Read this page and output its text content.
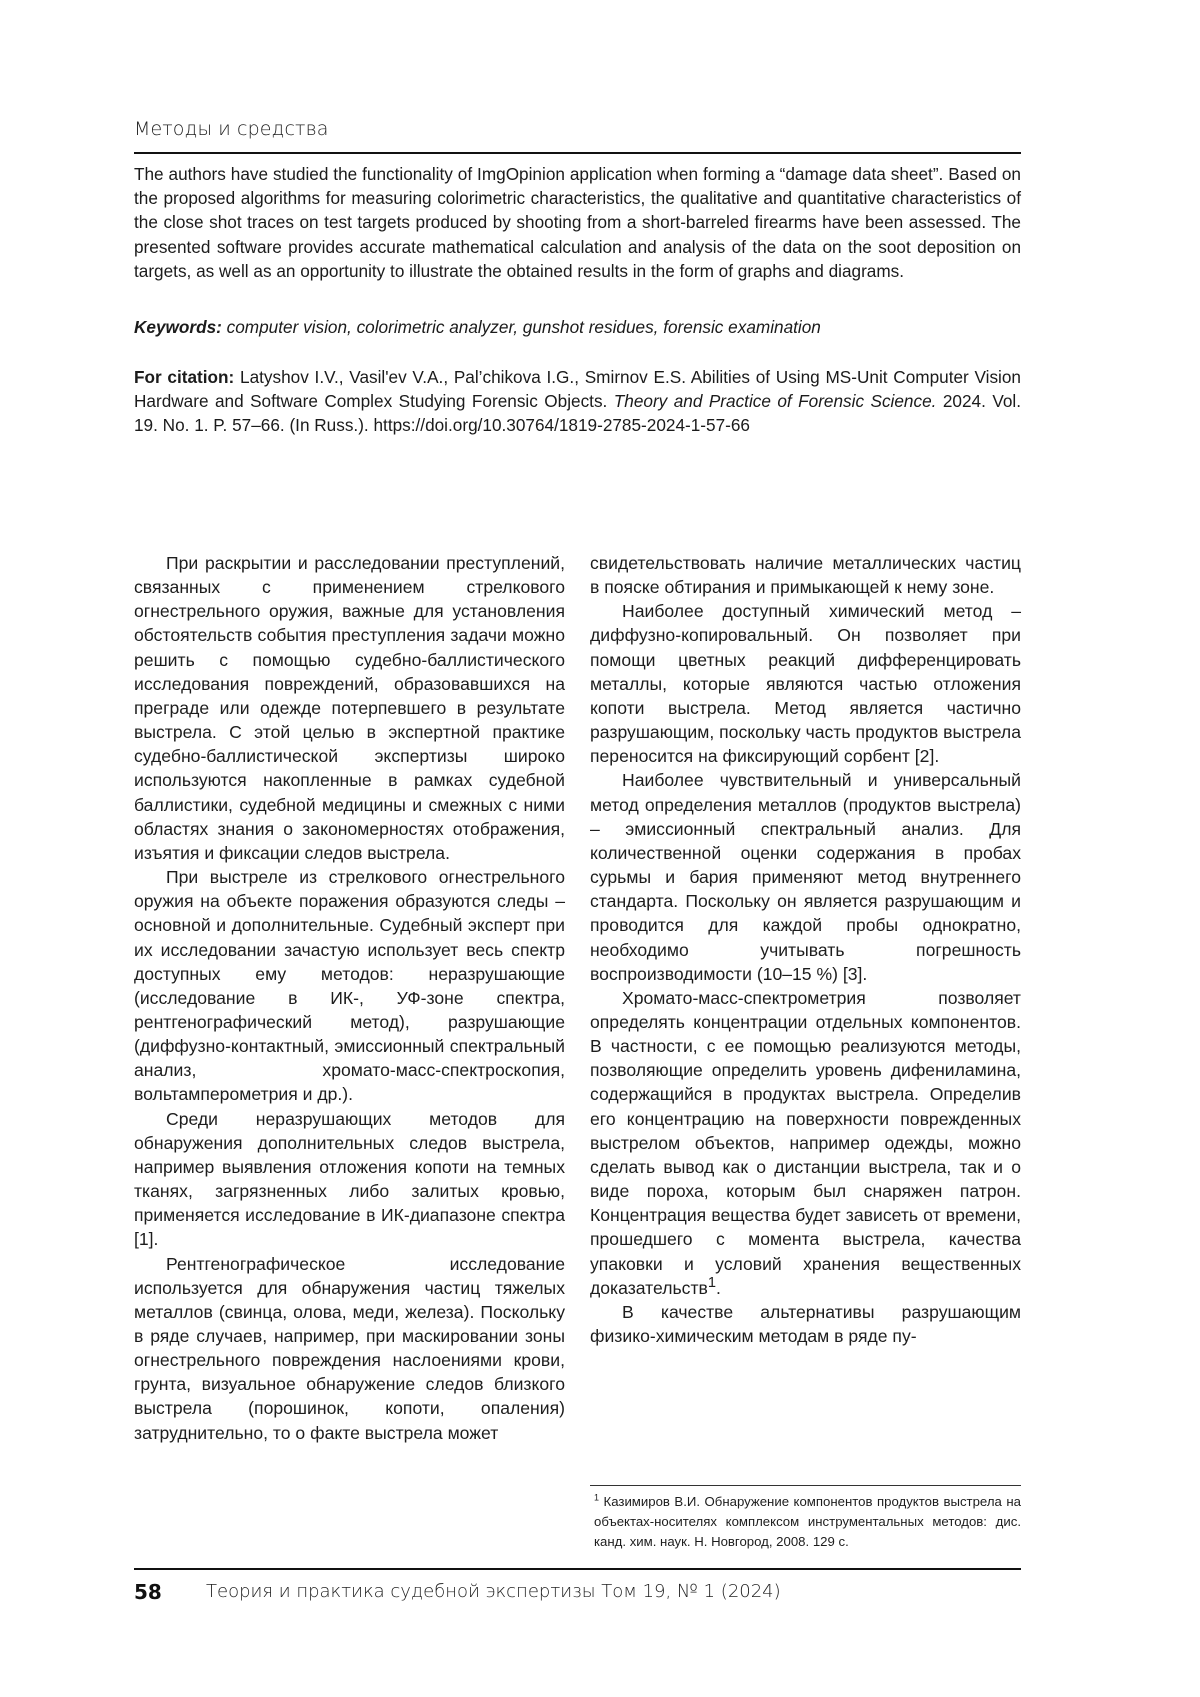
Методы и средства

The authors have studied the functionality of ImgOpinion application when forming a “damage data sheet”. Based on the proposed algorithms for measuring colorimetric characteristics, the qualitative and quantitative characteristics of the close shot traces on test targets produced by shooting from a short-barreled firearms have been assessed. The presented software provides accurate mathematical calculation and analysis of the data on the soot deposition on targets, as well as an opportunity to illustrate the obtained results in the form of graphs and diagrams.

Keywords: computer vision, colorimetric analyzer, gunshot residues, forensic examination

For citation: Latyshov I.V., Vasil'ev V.A., Pal’chikova I.G., Smirnov E.S. Abilities of Using MS-Unit Computer Vision Hardware and Software Complex Studying Forensic Objects. Theory and Practice of Forensic Science. 2024. Vol. 19. No. 1. P. 57–66. (In Russ.). https://doi.org/10.30764/1819-2785-2024-1-57-66

При раскрытии и расследовании преступлений, связанных с применением стрелкового огнестрельного оружия, важные для установления обстоятельств события преступления задачи можно решить с помощью судебно-баллистического исследования повреждений, образовавшихся на преграде или одежде потерпевшего в результате выстрела. С этой целью в экспертной практике судебно-баллистической экспертизы широко используются накопленные в рамках судебной баллистики, судебной медицины и смежных с ними областях знания о закономерностях отображения, изъятия и фиксации следов выстрела.

При выстреле из стрелкового огнестрельного оружия на объекте поражения образуются следы – основной и дополнительные. Судебный эксперт при их исследовании зачастую использует весь спектр доступных ему методов: неразрушающие (исследование в ИК-, УФ-зоне спектра, рентгенографический метод), разрушающие (диффузно-контактный, эмиссионный спектральный анализ, хромато-масс-спектроскопия, вольтамперометрия и др.).

Среди неразрушающих методов для обнаружения дополнительных следов выстрела, например выявления отложения копоти на темных тканях, загрязненных либо залитых кровью, применяется исследование в ИК-диапазоне спектра [1].

Рентгенографическое исследование используется для обнаружения частиц тяжелых металлов (свинца, олова, меди, железа). Поскольку в ряде случаев, например, при маскировании зоны огнестрельного повреждения наслоениями крови, грунта, визуальное обнаружение следов близкого выстрела (порошинок, копоти, опаления) затруднительно, то о факте выстрела может

свидетельствовать наличие металлических частиц в пояске обтирания и примыкающей к нему зоне.

Наиболее доступный химический метод – диффузно-копировальный. Он позволяет при помощи цветных реакций дифференцировать металлы, которые являются частью отложения копоти выстрела. Метод является частично разрушающим, поскольку часть продуктов выстрела переносится на фиксирующий сорбент [2].

Наиболее чувствительный и универсальный метод определения металлов (продуктов выстрела) – эмиссионный спектральный анализ. Для количественной оценки содержания в пробах сурьмы и бария применяют метод внутреннего стандарта. Поскольку он является разрушающим и проводится для каждой пробы однократно, необходимо учитывать погрешность воспроизводимости (10–15 %) [3].

Хромато-масс-спектрометрия позволяет определять концентрации отдельных компонентов. В частности, с ее помощью реализуются методы, позволяющие определить уровень дифениламина, содержащийся в продуктах выстрела. Определив его концентрацию на поверхности поврежденных выстрелом объектов, например одежды, можно сделать вывод как о дистанции выстрела, так и о виде пороха, которым был снаряжен патрон. Концентрация вещества будет зависеть от времени, прошедшего с момента выстрела, качества упаковки и условий хранения вещественных доказательств$^1$.

В качестве альтернативы разрушающим физико-химическим методам в ряде пу-

$^1$ Казимиров В.И. Обнаружение компонентов продуктов выстрела на объектах-носителях комплексом инструментальных методов: дис. канд. хим. наук. Н. Новгород, 2008. 129 с.

58 Теория и практика судебной экспертизы Том 19, № 1 (2024)
